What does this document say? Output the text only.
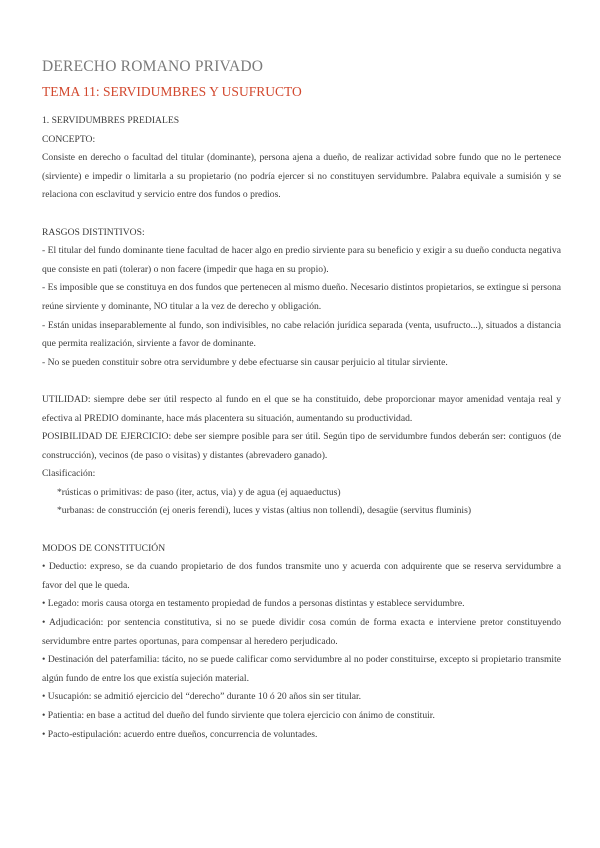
DERECHO ROMANO PRIVADO
TEMA 11: SERVIDUMBRES Y USUFRUCTO

1. SERVIDUMBRES PREDIALES

CONCEPTO:

Consiste en derecho o facultad del titular (dominante), persona ajena a dueño, de realizar actividad sobre fundo que no le pertenece (sirviente) e impedir o limitarla a su propietario (no podría ejercer si no constituyen servidumbre. Palabra equivale a sumisión y se relaciona con esclavitud y servicio entre dos fundos o predios.

RASGOS DISTINTIVOS:

- El titular del fundo dominante tiene facultad de hacer algo en predio sirviente para su beneficio y exigir a su dueño conducta negativa que consiste en pati (tolerar) o non facere (impedir que haga en su propio).

- Es imposible que se constituya en dos fundos que pertenecen al mismo dueño. Necesario distintos propietarios, se extingue si persona reúne sirviente y dominante, NO titular a la vez de derecho y obligación.

- Están unidas inseparablemente al fundo, son indivisibles, no cabe relación jurídica separada (venta, usufructo...), situados a distancia que permita realización, sirviente a favor de dominante.

- No se pueden constituir sobre otra servidumbre y debe efectuarse sin causar perjuicio al titular sirviente.

UTILIDAD: siempre debe ser útil respecto al fundo en el que se ha constituido, debe proporcionar mayor amenidad ventaja real y efectiva al PREDIO dominante, hace más placentera su situación, aumentando su productividad.

POSIBILIDAD DE EJERCICIO: debe ser siempre posible para ser útil. Según tipo de servidumbre fundos deberán ser: contiguos (de construcción), vecinos (de paso o visitas) y distantes (abrevadero ganado).

Clasificación:

*rústicas o primitivas: de paso (iter, actus, via) y de agua (ej aquaeductus)

*urbanas: de construcción (ej oneris ferendi), luces y vistas (altius non tollendi), desagüe (servitus fluminis)

MODOS DE CONSTITUCIÓN

• Deductio: expreso, se da cuando propietario de dos fundos transmite uno y acuerda con adquirente que se reserva servidumbre a favor del que le queda.

• Legado: moris causa otorga en testamento propiedad de fundos a personas distintas y establece servidumbre.

• Adjudicación: por sentencia constitutiva, si no se puede dividir cosa común de forma exacta e interviene pretor constituyendo servidumbre entre partes oportunas, para compensar al heredero perjudicado.

• Destinación del paterfamilia: tácito, no se puede calificar como servidumbre al no poder constituirse, excepto si propietario transmite algún fundo de entre los que existía sujeción material.

• Usucapión: se admitió ejercicio del “derecho” durante 10 ó 20 años sin ser titular.

• Patientia: en base a actitud del dueño del fundo sirviente que tolera ejercicio con ánimo de constituir.

• Pacto-estipulación: acuerdo entre dueños, concurrencia de voluntades.
